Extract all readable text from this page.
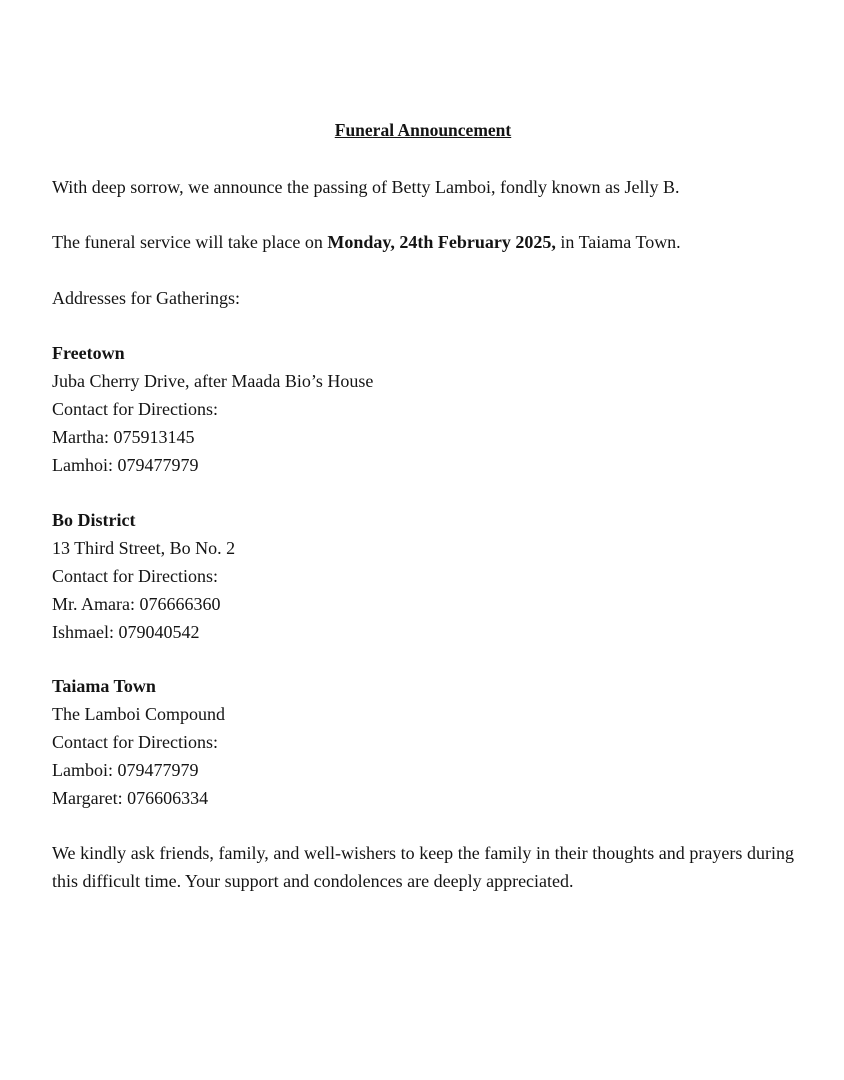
Funeral Announcement

With deep sorrow, we announce the passing of Betty Lamboi, fondly known as Jelly B.

The funeral service will take place on Monday, 24th February 2025, in Taiama Town.

Addresses for Gatherings:

Freetown
Juba Cherry Drive, after Maada Bio’s House
Contact for Directions:
Martha: 075913145
Lamhoi: 079477979
Bo District
13 Third Street, Bo No. 2
Contact for Directions:
Mr. Amara: 076666360
Ishmael: 079040542
Taiama Town
The Lamboi Compound
Contact for Directions:
Lamboi: 079477979
Margaret: 076606334

We kindly ask friends, family, and well-wishers to keep the family in their thoughts and prayers during this difficult time. Your support and condolences are deeply appreciated.
